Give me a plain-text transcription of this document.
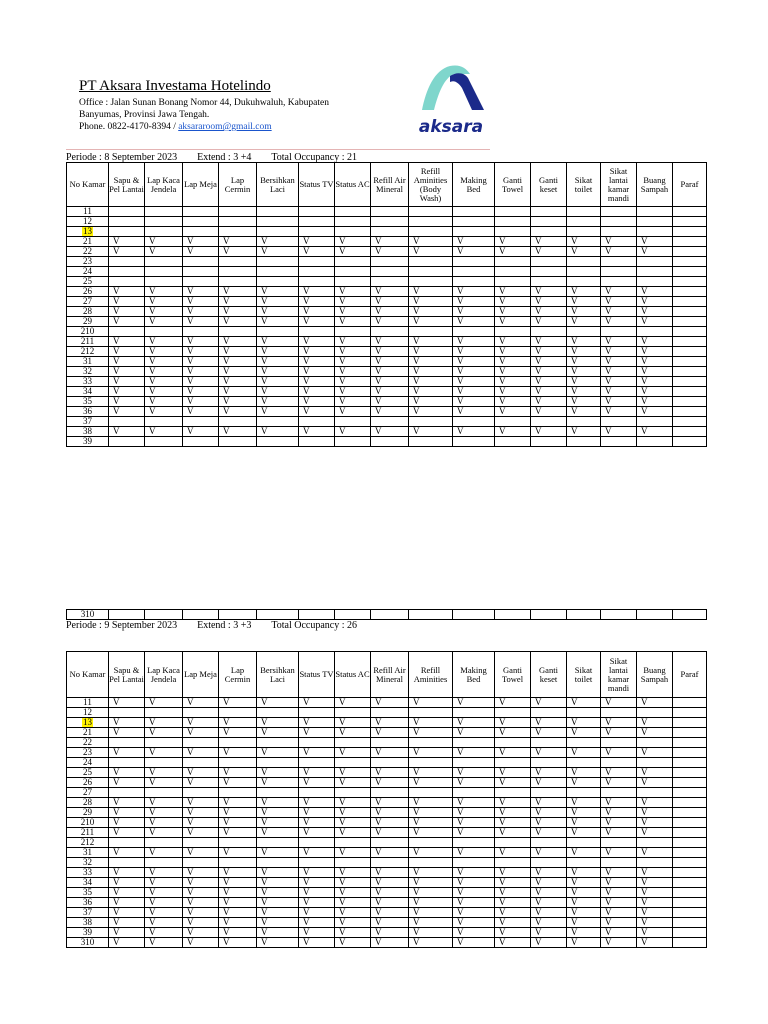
PT Aksara Investama Hotelindo
Office : Jalan Sunan Bonang Nomor 44, Dukuhwaluh, Kabupaten
Banyumas, Provinsi Jawa Tengah.
Phone. 0822-4170-8394 / aksararoom@gmail.com	aksara
Periode : 8 September 2023 Extend : 3 +4 Total Occupancy : 21
No Kamar	Sapu & Pel Lantai	Lap Kaca Jendela	Lap Meja	Lap Cermin	Bersihkan Laci	Status TV	Status AC	Refill Air Mineral	Refill Aminities (Body Wash)	Making Bed	Ganti Towel	Ganti keset	Sikat toilet	Sikat lantai kamar mandi	Buang Sampah	Paraf
11																
12																
13																
21	V	V	V	V	V	V	V	V	V	V	V	V	V	V	V	
22	V	V	V	V	V	V	V	V	V	V	V	V	V	V	V	
23																
24																
25																
26	V	V	V	V	V	V	V	V	V	V	V	V	V	V	V	
27	V	V	V	V	V	V	V	V	V	V	V	V	V	V	V	
28	V	V	V	V	V	V	V	V	V	V	V	V	V	V	V	
29	V	V	V	V	V	V	V	V	V	V	V	V	V	V	V	
210																
211	V	V	V	V	V	V	V	V	V	V	V	V	V	V	V	
212	V	V	V	V	V	V	V	V	V	V	V	V	V	V	V	
31	V	V	V	V	V	V	V	V	V	V	V	V	V	V	V	
32	V	V	V	V	V	V	V	V	V	V	V	V	V	V	V	
33	V	V	V	V	V	V	V	V	V	V	V	V	V	V	V	
34	V	V	V	V	V	V	V	V	V	V	V	V	V	V	V	
35	V	V	V	V	V	V	V	V	V	V	V	V	V	V	V	
36	V	V	V	V	V	V	V	V	V	V	V	V	V	V	V	
37																
38	V	V	V	V	V	V	V	V	V	V	V	V	V	V	V	
39																
310																
Periode : 9 September 2023 Extend : 3 +3 Total Occupancy : 26
No Kamar	Sapu & Pel Lantai	Lap Kaca Jendela	Lap Meja	Lap Cermin	Bersihkan Laci	Status TV	Status AC	Refill Air Mineral	Refill Aminities	Making Bed	Ganti Towel	Ganti keset	Sikat toilet	Sikat lantai kamar mandi	Buang Sampah	Paraf
11	V	V	V	V	V	V	V	V	V	V	V	V	V	V	V	
12																
13	V	V	V	V	V	V	V	V	V	V	V	V	V	V	V	
21	V	V	V	V	V	V	V	V	V	V	V	V	V	V	V	
22																
23	V	V	V	V	V	V	V	V	V	V	V	V	V	V	V	
24																
25	V	V	V	V	V	V	V	V	V	V	V	V	V	V	V	
26	V	V	V	V	V	V	V	V	V	V	V	V	V	V	V	
27																
28	V	V	V	V	V	V	V	V	V	V	V	V	V	V	V	
29	V	V	V	V	V	V	V	V	V	V	V	V	V	V	V	
210	V	V	V	V	V	V	V	V	V	V	V	V	V	V	V	
211	V	V	V	V	V	V	V	V	V	V	V	V	V	V	V	
212																
31	V	V	V	V	V	V	V	V	V	V	V	V	V	V	V	
32																
33	V	V	V	V	V	V	V	V	V	V	V	V	V	V	V	
34	V	V	V	V	V	V	V	V	V	V	V	V	V	V	V	
35	V	V	V	V	V	V	V	V	V	V	V	V	V	V	V	
36	V	V	V	V	V	V	V	V	V	V	V	V	V	V	V	
37	V	V	V	V	V	V	V	V	V	V	V	V	V	V	V	
38	V	V	V	V	V	V	V	V	V	V	V	V	V	V	V	
39	V	V	V	V	V	V	V	V	V	V	V	V	V	V	V	
310	V	V	V	V	V	V	V	V	V	V	V	V	V	V	V	
